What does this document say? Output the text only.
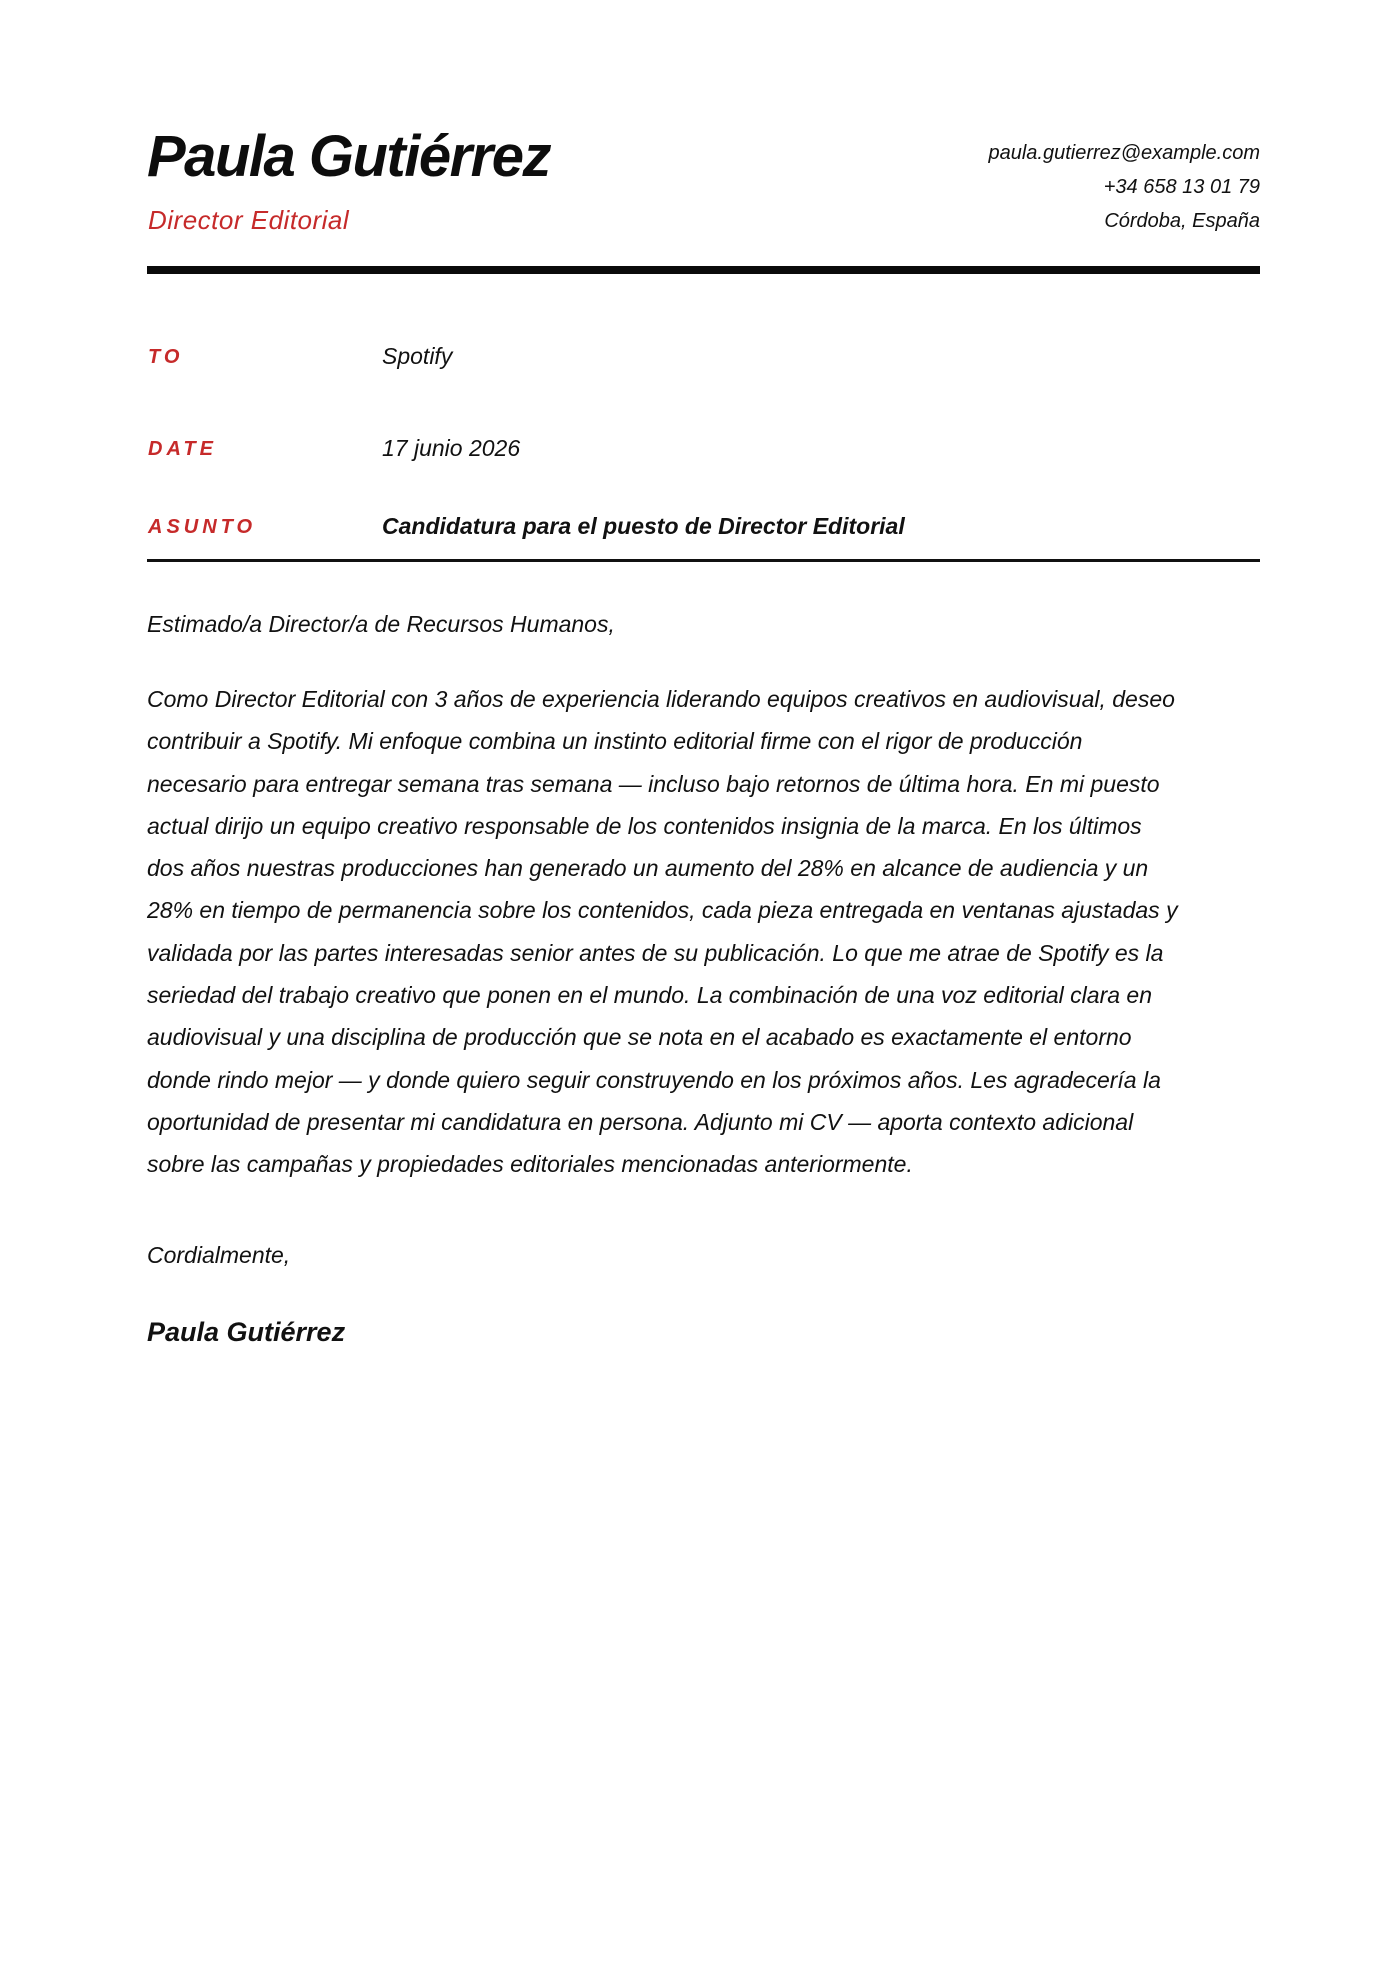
Paula Gutiérrez
Director Editorial
paula.gutierrez@example.com
+34 658 13 01 79
Córdoba, España
TO	Spotify
DATE	17 junio 2026
ASUNTO	Candidatura para el puesto de Director Editorial
Estimado/a Director/a de Recursos Humanos,
Como Director Editorial con 3 años de experiencia liderando equipos creativos en audiovisual, deseo
contribuir a Spotify. Mi enfoque combina un instinto editorial firme con el rigor de producción
necesario para entregar semana tras semana — incluso bajo retornos de última hora. En mi puesto
actual dirijo un equipo creativo responsable de los contenidos insignia de la marca. En los últimos
dos años nuestras producciones han generado un aumento del 28% en alcance de audiencia y un
28% en tiempo de permanencia sobre los contenidos, cada pieza entregada en ventanas ajustadas y
validada por las partes interesadas senior antes de su publicación. Lo que me atrae de Spotify es la
seriedad del trabajo creativo que ponen en el mundo. La combinación de una voz editorial clara en
audiovisual y una disciplina de producción que se nota en el acabado es exactamente el entorno
donde rindo mejor — y donde quiero seguir construyendo en los próximos años. Les agradecería la
oportunidad de presentar mi candidatura en persona. Adjunto mi CV — aporta contexto adicional
sobre las campañas y propiedades editoriales mencionadas anteriormente.
Cordialmente,
Paula Gutiérrez
